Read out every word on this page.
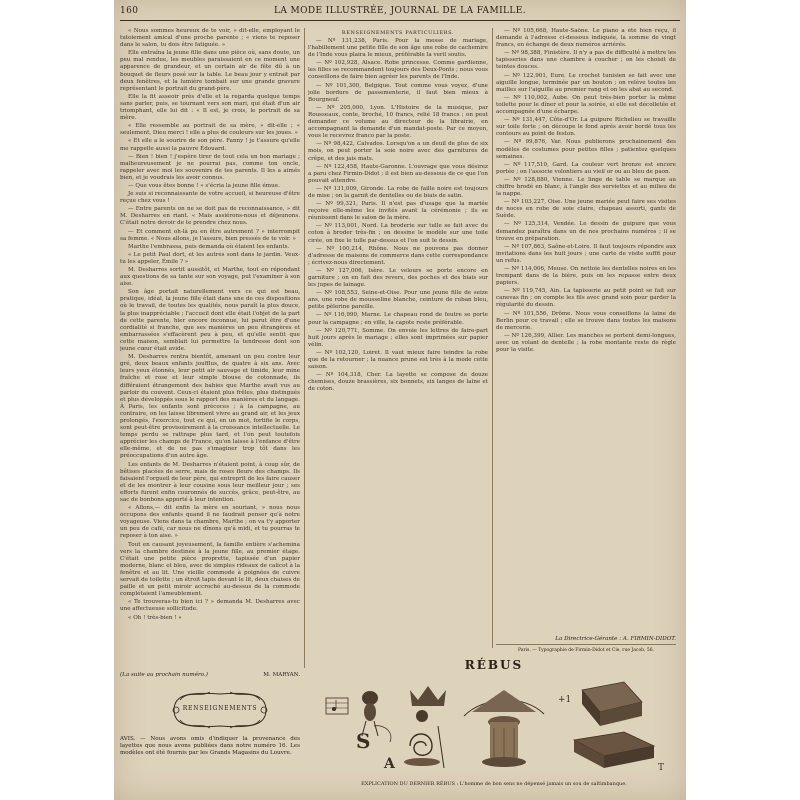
160	LA MODE ILLUSTRÉE, JOURNAL DE LA FAMILLE.

« Nous sommes heureux de te voir, » dit-elle, employant le tutoiement amical d'une proche parente ; « viens te reposer dans le salon, tu dois être fatiguée. »

Elle entraîna la jeune fille dans une pièce où, sans doute, un peu mal rendue, les meubles paraissaient en ce moment une apparence de grandeur, et un certain air de fête dû à un bouquet de fleurs posé sur la table. Le beau jour y entrait par deux fenêtres, et la lumière tombait sur une grande gravure représentant le portrait du grand-père.

Elle la fit asseoir près d'elle et la regarda quelque temps sans parler, puis, se tournant vers son mari, qui était d'un air triomphant, elle lui dit : « Il est, je crois, le portrait de sa mère.

« Elle ressemble au portrait de sa mère, » dit-elle ; « seulement, Dieu merci ! elle a plus de couleurs sur les joues. »

« Et elle a le sourire de son père. Fanny ! je t'assure qu'elle me rappelle aussi la pauvre Édouard.

— Bien ! bien ! j'espère tirer de tout cela un bon mariage ; malheureusement je ne pourrai pas, comme ton oncle, rappeler avec moi les souvenirs de tes parents. Il les a aimés bien, et je voudrais les avoir connus.

— Que vous êtes bonne ! » s'écria la jeune fille émue.

Je suis si reconnaissante de votre accueil, si heureuse d'être reçue chez vous !

— Entre parents on ne se doit pas de reconnaissance, » dit M. Desharres en riant. « Mais assiérons-nous et déjeunons. C'était notre devoir de te prendre chez nous.

— Et comment oh-là pu en être autrement ? » interrompit sa femme. « Nous allons, je l'assure, bien pressés de te voir. »

Marthe l'embrassa, puis demanda où étaient les enfants.

« Le petit Paul dort, et les autres sont dans le jardin. Veux-tu les appeler, Émile ? »

M. Desharres sortit aussitôt, et Marthe, tout en répondant aux questions de sa tante sur son voyage, put l'examiner à son aise.

Son âge portait naturellement vers ce qui est beau, pratique, idéal, la jeune fille était dans une de ces dispositions où le travail, de toutes les qualités, nous paraît la plus douce, la plus inappréciable ; l'accueil dont elle était l'objet de la part de cette parente, hier encore inconnue, lui parut être d'une cordialité si franche, que ses manières un peu étrangères et embarrassées s'effacèrent peu à peu, et qu'elle sentit que cette maison, semblait lui permettre la tendresse dont son jeune cœur était avide.

M. Desharres rentra bientôt, amenant un peu contre leur gré, deux beaux enfants joufflus, de quatre à six ans. Avec leurs yeux étonnés, leur petit air sauvage et timide, leur mine fraîche et rose et leur simple blouse de cotonnade, ils différaient étrangement des babies que Marthe avait vus au parloir du couvent. Ceux-ci étaient plus frêles, plus distingués et plus développés sous le rapport des manières et du langage. À Paris, les enfants sont précoces ; à la campagne, au contraire, on les laisse librement vivre au grand air, et les jeux prolongés, l'exercice, tout ce qui, en un mot, fortifie le corps, sont peut-être provisoirement à la croissance intellectuelle. Le temps perdu se rattrape plus tard, et l'on peut toutefois apprécier les champs de France, qu'on laisse à l'enfance d'être elle-même, et de ne pas s'imaginer trop tôt dans les préoccupations d'un autre âge.

Les enfants de M. Desharres n'étaient point, à coup sûr, de bêtises placées de serre, mais de roses fleurs des champs. Ils faisaient l'orgueil de leur père, qui entreprit de les faire causer et de les montrer à leur cousine sous leur meilleur jour ; ses efforts furent enfin couronnés de succès, grâce, peut-être, au sac de bonbons apporté à leur intention.

« Allons,— dit enfin la mère en souriant, » nous nous occupons des enfants quand il ne faudrait penser qu'à notre voyageuse. Viens dans ta chambre, Marthe ; on va t'y apporter un peu de café, car nous ne dînons qu'à midi, et tu pourras te reposer à ton aise. »

Tout en causant joyeusement, la famille entière s'achemina vers la chambre destinée à la jeune fille, au premier étage. C'était une petite pièce proprette, tapissée d'un papier moderne, blanc et bleu, avec de simples rideaux de calicot à la fenêtre et au lit. Une vieille commode à poignées de cuivre servait de toilette ; un étroit tapis devant le lit, deux chaises de paille et un petit miroir accroché au-dessus de la commode complétaient l'ameublement.

« Te trouveras-tu bien ici ? » demanda M. Desharres avec une affectueuse sollicitude.

« Oh ! très-bien ! »

(La suite au prochain numéro.)	M. MARYAN.
RENSEIGNEMENTS
AVIS. — Nous avons omis d'indiquer la provenance des layettes que nous avons publiées dans notre numéro 16. Les modèles ont été fournis par les Grands Magasins du Louvre.
RENSEIGNEMENTS PARTICULIERS.

— Nº 131,238, Paris. Pour la messe de mariage, l'habillement une petite fille de son âge une robe de cachemire de l'Inde vous plaira le mieux, préférable la veril soutis.

— Nº 102,928, Alsace. Robe princesse. Comme gardienne, les filles se recommandent toujours des Deux-Ponts ; nous vous conseillons de faire bien agréer les parents de l'Inde.

— Nº 101,300, Belgique. Tout comme vous voyez, d'une jolie bordure de passementerie, il faut bien mieux à Bourgneuf.

— Nº 205,000, Lyon. L'Histoire de la musique, par Rousseaux, conte, broché, 10 francs, relié 18 francs ; on peut demander ce volume au directeur de la librairie, en accompagnant la demande d'un mandat-poste. Par ce moyen, vous le recevrez franco par la poste.

— Nº 98,422, Calvados. Lorsqu'on a un deuil de plus de six mois, on peut porter la soie noire avec des garnitures de crêpe, et des jais mats.

— Nº 122,458, Haute-Garonne. L'ouvrage que vous désirez a paru chez Firmin-Didot ; il est bien au-dessous de ce que l'on pouvait attendre.

— Nº 131,009, Gironde. La robe de faille noire est toujours de mise ; on la garnit de dentelles ou de biais de satin.

— Nº 99,321, Paris. Il n'est pas d'usage que la mariée reçoive elle-même les invités avant la cérémonie ; ils se réunissent dans le salon de la mère.

— Nº 113,001, Nord. La broderie sur tulle se fait avec du coton à broder très-fin ; on dessine le modèle sur une toile cirée, on fixe le tulle par-dessus et l'on suit le dessin.

— Nº 100,214, Rhône. Nous ne pouvons pas donner d'adresse de maisons de commerce dans cette correspondance ; écrivez-nous directement.

— Nº 127,006, Isère. Le velours se porte encore en garniture ; on en fait des revers, des poches et des biais sur les jupes de lainage.

— Nº 108,553, Seine-et-Oise. Pour une jeune fille de seize ans, une robe de mousseline blanche, ceinture de ruban bleu, petite pèlerine pareille.

— Nº 116,990, Marne. Le chapeau rond de feutre se porte pour la campagne ; en ville, la capote reste préférable.

— Nº 120,771, Somme. On envoie les lettres de faire-part huit jours après le mariage ; elles sont imprimées sur papier vélin.

— Nº 102,120, Loiret. Il vaut mieux faire teindre la robe que de la retourner ; la nuance prune est très à la mode cette saison.

— Nº 104,318, Cher. La layette se compose de douze chemises, douze brassières, six bonnets, six langes de laine et de coton.

— Nº 105,668, Haute-Saône. Le piano a été bien reçu, il demande à l'adresse ci-dessous indiquée, la somme de vingt francs, en échange de deux numéros arriérés.

— Nº 98,388, Finistère. Il n'y a pas de difficulté à mettre les tapisseries dans une chambre à coucher ; on les choisit de teintes douces.

— Nº 122,901, Eure. Le crochet tunisien se fait avec une aiguille longue, terminée par un bouton ; on relève toutes les mailles sur l'aiguille au premier rang et on les abat au second.

— Nº 110,002, Aube. On peut très-bien porter la même toilette pour le dîner et pour la soirée, si elle est décolletée et accompagnée d'une écharpe.

— Nº 131,447, Côte-d'Or. La guipure Richelieu se travaille sur toile forte ; on découpe le fond après avoir bordé tous les contours au point de feston.

— Nº 99,876, Var. Nous publierons prochainement des modèles de costumes pour petites filles ; patientez quelques semaines.

— Nº 117,510, Gard. La couleur vert bronze est encore portée ; on l'associe volontiers au vieil or ou au bleu de paon.

— Nº 128,880, Vienne. Le linge de table se marque au chiffre brodé en blanc, à l'angle des serviettes et au milieu de la nappe.

— Nº 103,227, Oise. Une jeune mariée peut faire ses visites de noces en robe de soie claire, chapeau assorti, gants de Suède.

— Nº 125,314, Vendée. Le dessin de guipure que vous demandez paraîtra dans un de nos prochains numéros ; il se trouve en préparation.

— Nº 107,863, Saône-et-Loire. Il faut toujours répondre aux invitations dans les huit jours ; une carte de visite suffit pour un refus.

— Nº 114,006, Meuse. On nettoie les dentelles noires en les trempant dans de la bière, puis on les repasse entre deux papiers.

— Nº 119,745, Ain. La tapisserie au petit point se fait sur canevas fin ; on compte les fils avec grand soin pour garder la régularité du dessin.

— Nº 101,556, Drôme. Nous vous conseillons la laine de Berlin pour ce travail ; elle se trouve dans toutes les maisons de mercerie.

— Nº 126,399, Allier. Les manches se portent demi-longues, avec un volant de dentelle ; la robe montante reste de règle pour la visite.

La Directrice-Gérante : A. FIRMIN-DIDOT.
Paris. — Typographie de Firmin-Didot et Cie, rue Jacob, 56.
RÉBUS
S
A
+1
T
EXPLICATION DU DERNIER RÉBUS : L'homme de bon sens ne dépensé jamais un sou de saltimbanque.
